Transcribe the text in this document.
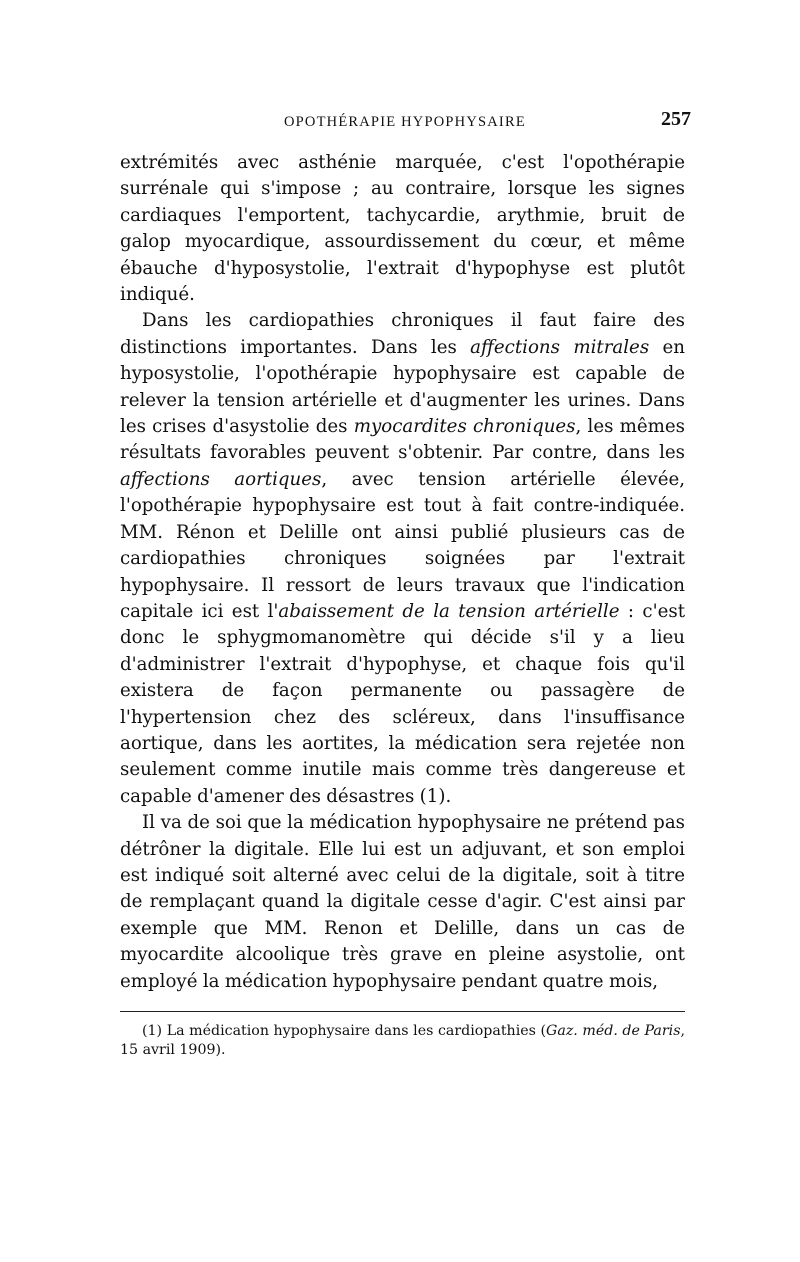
OPOTHÉRAPIE HYPOPHYSAIRE	257

extrémités avec asthénie marquée, c'est l'opothérapie surrénale qui s'impose ; au contraire, lorsque les signes cardiaques l'emportent, tachycardie, arythmie, bruit de galop myocardique, assourdissement du cœur, et même ébauche d'hyposystolie, l'extrait d'hypophyse est plutôt indiqué.

Dans les cardiopathies chroniques il faut faire des distinctions importantes. Dans les affections mitrales en hyposystolie, l'opothérapie hypophysaire est capable de relever la tension artérielle et d'augmenter les urines. Dans les crises d'asystolie des myocardites chroniques, les mêmes résultats favorables peuvent s'obtenir. Par contre, dans les affections aortiques, avec tension artérielle élevée, l'opothérapie hypophysaire est tout à fait contre-indiquée. MM. Rénon et Delille ont ainsi publié plusieurs cas de cardiopathies chroniques soignées par l'extrait hypophysaire. Il ressort de leurs travaux que l'indication capitale ici est l'abaissement de la tension artérielle : c'est donc le sphygmomanomètre qui décide s'il y a lieu d'administrer l'extrait d'hypophyse, et chaque fois qu'il existera de façon permanente ou passagère de l'hypertension chez des scléreux, dans l'insuffisance aortique, dans les aortites, la médication sera rejetée non seulement comme inutile mais comme très dangereuse et capable d'amener des désastres (1).

Il va de soi que la médication hypophysaire ne prétend pas détrôner la digitale. Elle lui est un adjuvant, et son emploi est indiqué soit alterné avec celui de la digitale, soit à titre de remplaçant quand la digitale cesse d'agir. C'est ainsi par exemple que MM. Renon et Delille, dans un cas de myocardite alcoolique très grave en pleine asystolie, ont employé la médication hypophysaire pendant quatre mois,

(1) La médication hypophysaire dans les cardiopathies (Gaz. méd. de Paris, 15 avril 1909).
